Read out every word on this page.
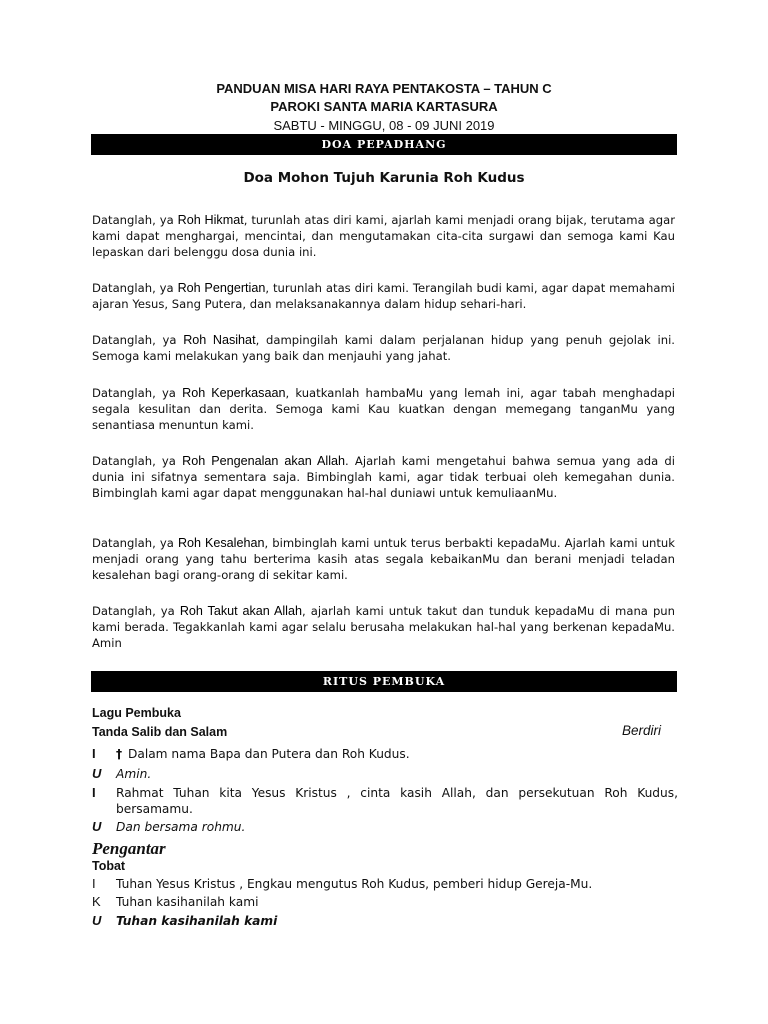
PANDUAN MISA HARI RAYA PENTAKOSTA – TAHUN C
PAROKI SANTA MARIA KARTASURA
SABTU - MINGGU, 08 - 09 JUNI 2019
DOA PEPADHANG
Doa Mohon Tujuh Karunia Roh Kudus

Datanglah, ya Roh Hikmat, turunlah atas diri kami, ajarlah kami menjadi orang bijak, terutama agar kami dapat menghargai, mencintai, dan mengutamakan cita-cita surgawi dan semoga kami Kau lepaskan dari belenggu dosa dunia ini.

Datanglah, ya Roh Pengertian, turunlah atas diri kami. Terangilah budi kami, agar dapat memahami ajaran Yesus, Sang Putera, dan melaksanakannya dalam hidup sehari-hari.

Datanglah, ya Roh Nasihat, dampingilah kami dalam perjalanan hidup yang penuh gejolak ini. Semoga kami melakukan yang baik dan menjauhi yang jahat.

Datanglah, ya Roh Keperkasaan, kuatkanlah hambaMu yang lemah ini, agar tabah menghadapi segala kesulitan dan derita. Semoga kami Kau kuatkan dengan memegang tanganMu yang senantiasa menuntun kami.

Datanglah, ya Roh Pengenalan akan Allah. Ajarlah kami mengetahui bahwa semua yang ada di dunia ini sifatnya sementara saja. Bimbinglah kami, agar tidak terbuai oleh kemegahan dunia. Bimbinglah kami agar dapat menggunakan hal-hal duniawi untuk kemuliaanMu.

Datanglah, ya Roh Kesalehan, bimbinglah kami untuk terus berbakti kepadaMu. Ajarlah kami untuk menjadi orang yang tahu berterima kasih atas segala kebaikanMu dan berani menjadi teladan kesalehan bagi orang-orang di sekitar kami.

Datanglah, ya Roh Takut akan Allah, ajarlah kami untuk takut dan tunduk kepadaMu di mana pun kami berada. Tegakkanlah kami agar selalu berusaha melakukan hal-hal yang berkenan kepadaMu. Amin

RITUS PEMBUKA
Lagu Pembuka
Tanda Salib dan Salam	Berdiri
I	† Dalam nama Bapa dan Putera dan Roh Kudus.
U	Amin.
I	Rahmat Tuhan kita Yesus Kristus , cinta kasih Allah, dan persekutuan Roh Kudus, bersamamu.
U	Dan bersama rohmu.
Pengantar
Tobat
I	Tuhan Yesus Kristus , Engkau mengutus Roh Kudus, pemberi hidup Gereja-Mu.
K	Tuhan kasihanilah kami
U	Tuhan kasihanilah kami
